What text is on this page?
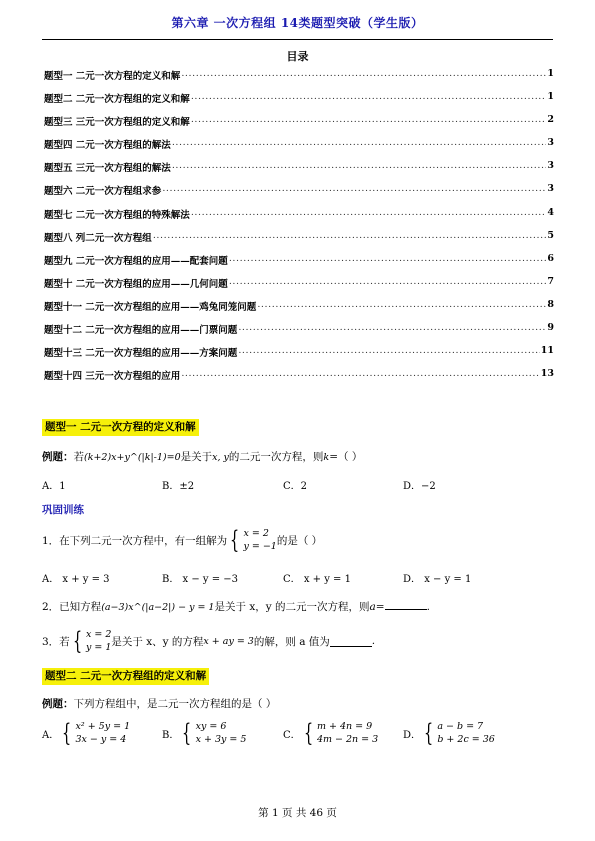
第六章 一次方程组 14类题型突破（学生版）
目录
题型一 二元一次方程的定义和解 .....	1
题型二 二元一次方程组的定义和解 .....	1
题型三 三元一次方程组的定义和解 .....	2
题型四 二元一次方程组的解法 .....	3
题型五 三元一次方程组的解法 .....	3
题型六 二元一次方程组求参 .....	3
题型七 二元一次方程组的特殊解法 .....	4
题型八 列二元一次方程组 .....	5
题型九 二元一次方程组的应用——配套问题 .....	6
题型十 二元一次方程组的应用——几何问题 .....	7
题型十一 二元一次方程组的应用——鸡兔同笼问题 .....	8
题型十二 二元一次方程组的应用——门票问题 .....	9
题型十三 二元一次方程组的应用——方案问题 .....	11
题型十四 三元一次方程组的应用 .....	13
题型一 二元一次方程的定义和解
例题：若(k+2)x+y^(|k|-1)=0是关于x, y的二元一次方程，则k=（ ）
A．1	B．±2	C．2	D．−2
巩固训练
1．在下列二元一次方程中，有一组解为 { x = 2
y = −1 的是（ ）
A． x + y = 3	B． x − y = −3	C． x + y = 1	D． x − y = 1
2．已知方程(a−3)x^(|a−2|) − y = 1是关于 x，y 的二元一次方程，则a=	.
3．若 { x = 2
y = 1 是关于 x、y 的方程 x + ay = 3 的解，则 a 值为	.
题型二 二元一次方程组的定义和解
例题：下列方程组中，是二元一次方程组的是（ ）
A． { x² + 5y = 1
3x − y = 4	B． { xy = 6
x + 3y = 5	C． { m + 4n = 9
4m − 2n = 3 D． { a − b = 7
b + 2c = 36
第 1 页 共 46 页
